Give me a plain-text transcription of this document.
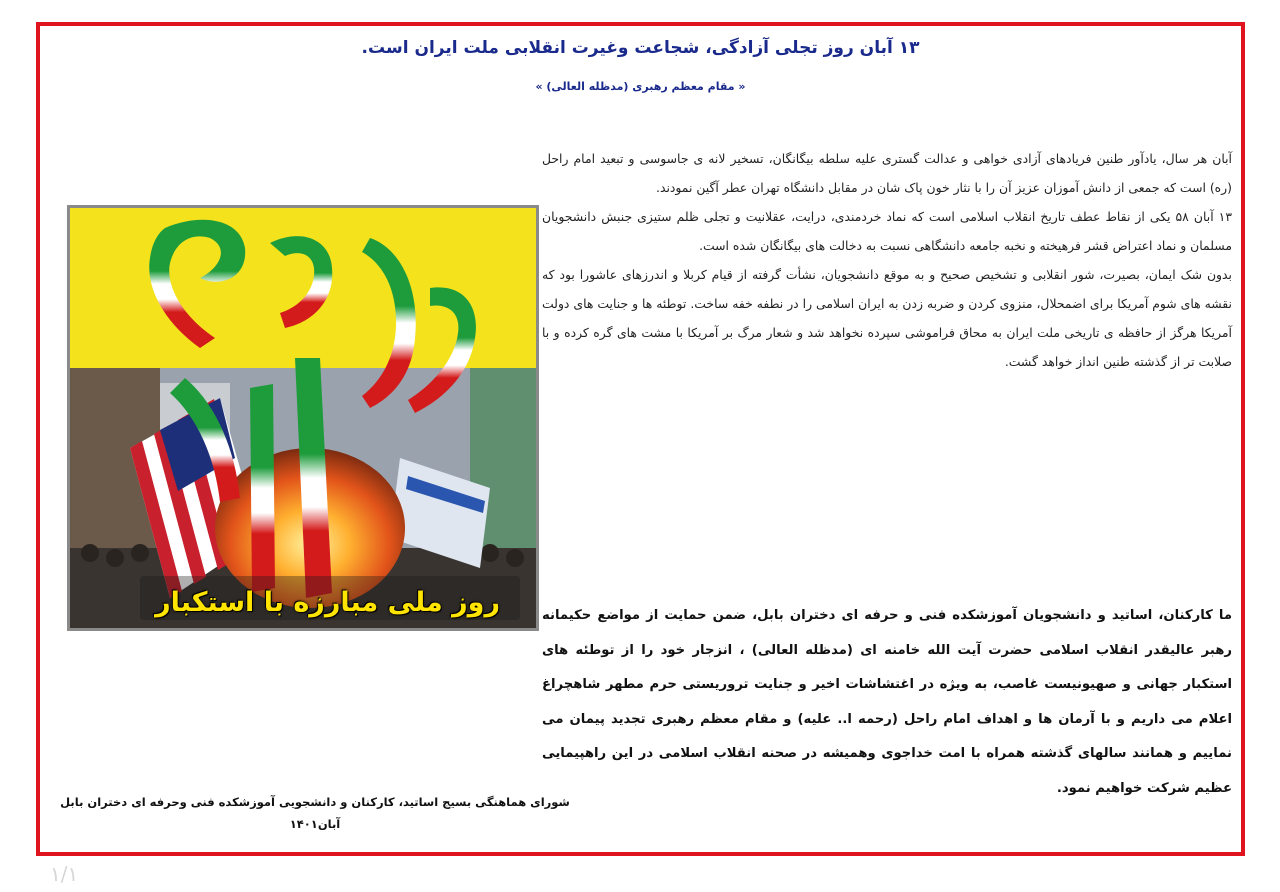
۱۳ آبان روز تجلی آزادگی، شجاعت وغیرت انقلابی ملت ایران است.
« مقام معظم رهبری (مدظله العالی) »

آبان هر سال، یادآور طنین فریادهای آزادی خواهی و عدالت گستری علیه سلطه بیگانگان، تسخیر لانه ی جاسوسی و تبعید امام راحل (ره) است که جمعی از دانش آموزان عزیز آن را با نثار خون پاک شان در مقابل دانشگاه تهران عطر آگین نمودند.

۱۳ آبان ۵۸ یکی از نقاط عطف تاریخ انقلاب اسلامی است که نماد خردمندی، درایت، عقلانیت و تجلی ظلم ستیزی جنبش دانشجویان مسلمان و نماد اعتراض قشر فرهیخته و نخبه جامعه دانشگاهی نسبت به دخالت های بیگانگان شده است.

بدون شک ایمان، بصیرت، شور انقلابی و تشخیص صحیح و به موقع دانشجویان، نشأت گرفته از قیام کربلا و اندرزهای عاشورا بود که نقشه های شوم آمریکا برای اضمحلال، منزوی کردن و ضربه زدن به ایران اسلامی را در نطفه خفه ساخت. توطئه ها و جنایت های دولت آمریکا هرگز از حافظه ی تاریخی ملت ایران به محاق فراموشی سپرده نخواهد شد و شعار مرگ بر آمریکا با مشت های گره کرده و با صلابت تر از گذشته طنین انداز خواهد گشت.

ما کارکنان، اساتید و دانشجویان آموزشکده فنی و حرفه ای دختران بابل، ضمن حمایت از مواضع حکیمانه رهبر عالیقدر انقلاب اسلامی حضرت آیت الله خامنه ای (مدظله العالی) ، انزجار خود را از توطئه های استکبار جهانی و صهیونیست غاصب، به ویژه در اغتشاشات اخیر و جنایت تروریستی حرم مطهر شاهچراغ اعلام می داریم و با آرمان ها و اهداف امام راحل (رحمه ا.. علیه) و مقام معظم رهبری تجدید پیمان می نماییم و همانند سالهای گذشته همراه با امت خداجوی وهمیشه در صحنه انقلاب اسلامی در این راهپیمایی عظیم شرکت خواهیم نمود.
روز ملی مبارزه با استکبار
شورای هماهنگی بسیج اساتید، کارکنان و دانشجویی آموزشکده فنی وحرفه ای دختران بابل
آبان۱۴۰۱
۱/۱
